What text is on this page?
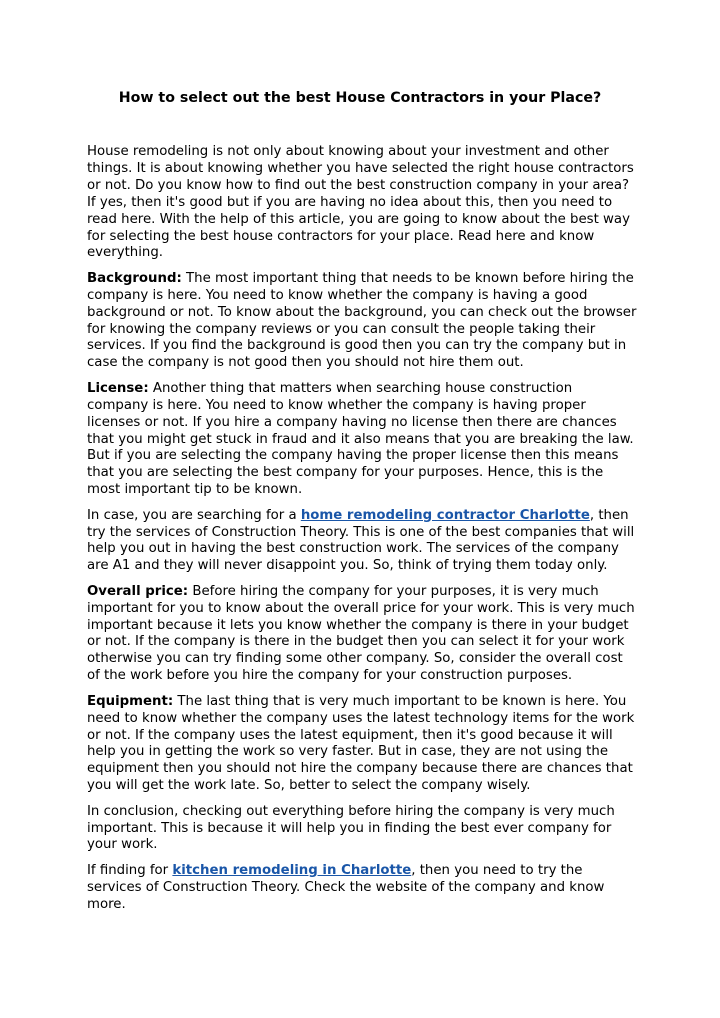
How to select out the best House Contractors in your Place?

House remodeling is not only about knowing about your investment and other things. It is about knowing whether you have selected the right house contractors or not. Do you know how to find out the best construction company in your area? If yes, then it's good but if you are having no idea about this, then you need to read here. With the help of this article, you are going to know about the best way for selecting the best house contractors for your place. Read here and know everything.

Background: The most important thing that needs to be known before hiring the company is here. You need to know whether the company is having a good background or not. To know about the background, you can check out the browser for knowing the company reviews or you can consult the people taking their services. If you find the background is good then you can try the company but in case the company is not good then you should not hire them out.

License: Another thing that matters when searching house construction company is here. You need to know whether the company is having proper licenses or not. If you hire a company having no license then there are chances that you might get stuck in fraud and it also means that you are breaking the law. But if you are selecting the company having the proper license then this means that you are selecting the best company for your purposes. Hence, this is the most important tip to be known.

In case, you are searching for a home remodeling contractor Charlotte, then try the services of Construction Theory. This is one of the best companies that will help you out in having the best construction work. The services of the company are A1 and they will never disappoint you. So, think of trying them today only.

Overall price: Before hiring the company for your purposes, it is very much important for you to know about the overall price for your work. This is very much important because it lets you know whether the company is there in your budget or not. If the company is there in the budget then you can select it for your work otherwise you can try finding some other company. So, consider the overall cost of the work before you hire the company for your construction purposes.

Equipment: The last thing that is very much important to be known is here. You need to know whether the company uses the latest technology items for the work or not. If the company uses the latest equipment, then it's good because it will help you in getting the work so very faster. But in case, they are not using the equipment then you should not hire the company because there are chances that you will get the work late. So, better to select the company wisely.

In conclusion, checking out everything before hiring the company is very much important. This is because it will help you in finding the best ever company for your work.

If finding for kitchen remodeling in Charlotte, then you need to try the services of Construction Theory. Check the website of the company and know more.
